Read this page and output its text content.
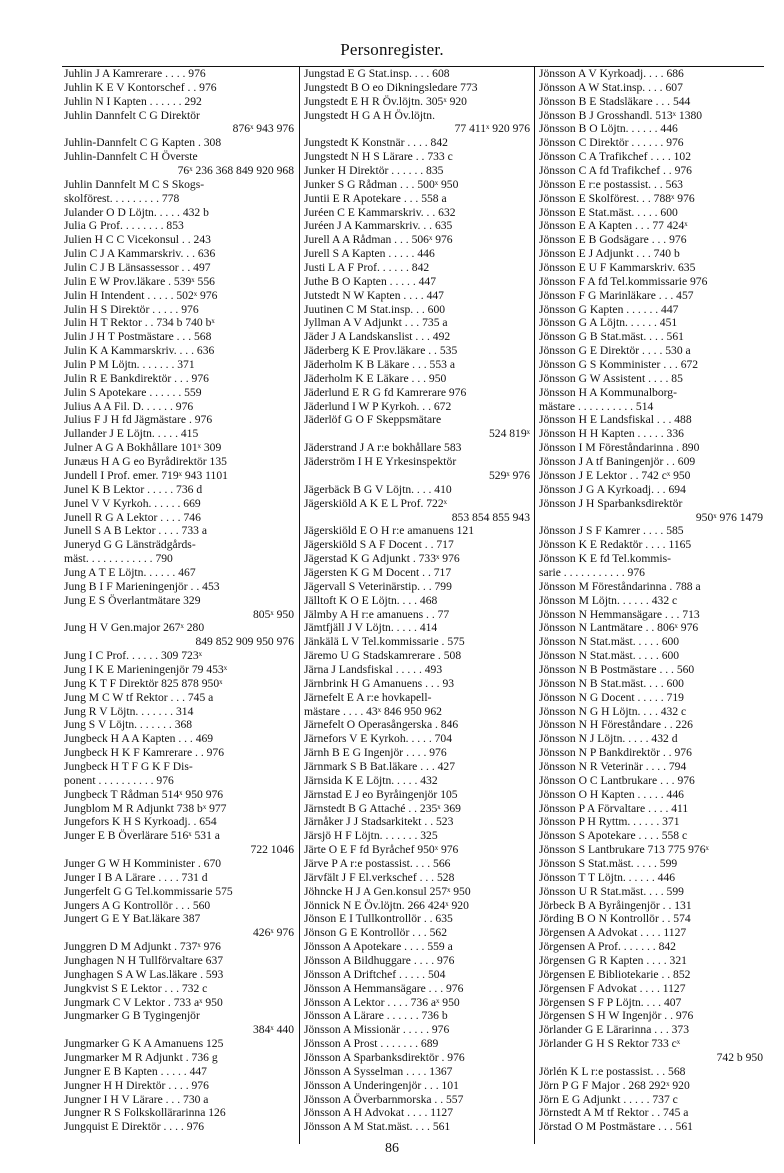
Personregister.
Juhlin J A Kamrerare . . . . 976
Juhlin K E V Kontorschef . . 976
Juhlin N I Kapten . . . . . . 292
Juhlin Dannfelt C G Direktör
876ˣ 943 976
Juhlin-Dannfelt C G Kapten . 308
Juhlin-Dannfelt C H Överste
76ˣ 236 368 849 920 968
Juhlin Dannfelt M C S Skogs-
skolförest. . . . . . . . . 778
Julander O D Löjtn. . . . . 432 b
Julia G Prof. . . . . . . . 853
Julien H C C Vicekonsul . . 243
Julin C J A Kammarskriv. . . 636
Julin C J B Länsassessor . . 497
Julin E W Prov.läkare . 539ˣ 556
Julin H Intendent . . . . . 502ˣ 976
Julin H S Direktör . . . . . 976
Julin H T Rektor . . 734 b 740 bˣ
Julin J H T Postmästare . . . 568
Julin K A Kammarskriv. . . . 636
Julin P M Löjtn. . . . . . . 371
Julin R E Bankdirektör . . . 976
Julin S Apotekare . . . . . . 559
Julius A A Fil. D. . . . . . 976
Julius F J H fd Jägmästare . 976
Jullander J E Löjtn. . . . . 415
Julner A G A Bokhållare 101ˣ 309
Junæus H A G eo Byrådirektör 135
Jundell I Prof. emer. 719ˣ 943 1101
Junel K B Lektor . . . . . 736 d
Junel V V Kyrkoh. . . . . . 669
Junell R G A Lektor . . . . 746
Junell S A B Lektor . . . . 733 a
Juneryd G G Länsträdgårds-
mäst. . . . . . . . . . . . 790
Jung A T E Löjtn. . . . . . 467
Jung B I F Marieningenjör . . 453
Jung E S Överlantmätare 329
805ˣ 950
Jung H V Gen.major 267ˣ 280
849 852 909 950 976
Jung I C Prof. . . . . . 309 723ˣ
Jung I K E Marieningenjör 79 453ˣ
Jung K T F Direktör 825 878 950ˣ
Jung M C W tf Rektor . . . 745 a
Jung R V Löjtn. . . . . . . 314
Jung S V Löjtn. . . . . . . 368
Jungbeck H A A Kapten . . . 469
Jungbeck H K F Kamrerare . . 976
Jungbeck H T F G K F Dis-
ponent . . . . . . . . . . 976
Jungbeck T Rådman 514ˣ 950 976
Jungblom M R Adjunkt 738 bˣ 977
Jungefors K H S Kyrkoadj. . 654
Junger E B Överlärare 516ˣ 531 a
722 1046
Junger G W H Komminister . 670
Junger I B A Lärare . . . . 731 d
Jungerfelt G G Tel.kommissarie 575
Jungers A G Kontrollör . . . 560
Jungert G E Y Bat.läkare 387
426ˣ 976
Junggren D M Adjunkt . 737ˣ 976
Junghagen N H Tullförvaltare 637
Junghagen S A W Las.läkare . 593
Jungkvist S E Lektor . . . 732 c
Jungmark C V Lektor . 733 aˣ 950
Jungmarker G B Tygingenjör
384ˣ 440
Jungmarker G K A Amanuens 125
Jungmarker M R Adjunkt . 736 g
Jungner E B Kapten . . . . . 447
Jungner H H Direktör . . . . 976
Jungner I H V Lärare . . . 730 a
Jungner R S Folkskollärarinna 126
Jungquist E Direktör . . . . 976
Jungstad E G Stat.insp. . . . 608
Jungstedt B O eo Dikningsledare 773
Jungstedt E H R Öv.löjtn. 305ˣ 920
Jungstedt H G A H Öv.löjtn.
77 411ˣ 920 976
Jungstedt K Konstnär . . . . 842
Jungstedt N H S Lärare . . 733 c
Junker H Direktör . . . . . . 835
Junker S G Rådman . . . 500ˣ 950
Juntii E R Apotekare . . . 558 a
Juréen C E Kammarskriv. . . 632
Juréen J A Kammarskriv. . . 635
Jurell A A Rådman . . . 506ˣ 976
Jurell S A Kapten . . . . . 446
Justi L A F Prof. . . . . . 842
Juthe B O Kapten . . . . . 447
Jutstedt N W Kapten . . . . 447
Juutinen C M Stat.insp. . . 600
Jyllman A V Adjunkt . . . 735 a
Jäder J A Landskanslist . . . 492
Jäderberg K E Prov.läkare . . 535
Jäderholm K B Läkare . . . 553 a
Jäderholm K E Läkare . . . 950
Jäderlund E R G fd Kamrerare 976
Jäderlund I W P Kyrkoh. . . 672
Jäderlöf G O F Skeppsmätare
524 819ˣ
Jäderstrand J A r:e bokhållare 583
Jäderström I H E Yrkesinspektör
529ˣ 976
Jägerbäck B G V Löjtn. . . . 410
Jägerskiöld A K E L Prof. 722ˣ
853 854 855 943
Jägerskiöld E O H r:e amanuens 121
Jägerskiöld S A F Docent . . 717
Jägerstad K G Adjunkt . 733ˣ 976
Jägersten K G M Docent . . 717
Jägervall S Veterinärstip. . . 799
Jälltoft K O E Löjtn. . . . 468
Jälmby A H r:e amanuens . . 77
Jämtfjäll J V Löjtn. . . . . 414
Jänkälä L V Tel.kommissarie . 575
Järemo U G Stadskamrerare . 508
Järna J Landsfiskal . . . . . 493
Järnbrink H G Amanuens . . . 93
Järnefelt E A r:e hovkapell-
mästare . . . . 43ˣ 846 950 962
Järnefelt O Operasångerska . 846
Järnefors V E Kyrkoh. . . . . 704
Järnh B E G Ingenjör . . . . 976
Järnmark S B Bat.läkare . . . 427
Järnsida K E Löjtn. . . . . 432
Järnstad E J eo Byråingenjör 105
Järnstedt B G Attaché . . 235ˣ 369
Järnåker J J Stadsarkitekt . . 523
Järsjö H F Löjtn. . . . . . . 325
Järte O E F fd Byråchef 950ˣ 976
Järve P A r:e postassist. . . . 566
Järvfält J F El.verkschef . . . 528
Jöhncke H J A Gen.konsul 257ˣ 950
Jönnick N E Öv.löjtn. 266 424ˣ 920
Jönson E I Tullkontrollör . . 635
Jönson G E Kontrollör . . . 562
Jönsson A Apotekare . . . . 559 a
Jönsson A Bildhuggare . . . . 976
Jönsson A Driftchef . . . . . 504
Jönsson A Hemmansägare . . . 976
Jönsson A Lektor . . . . 736 aˣ 950
Jönsson A Lärare . . . . . . 736 b
Jönsson A Missionär . . . . . 976
Jönsson A Prost . . . . . . . 689
Jönsson A Sparbanksdirektör . 976
Jönsson A Sysselman . . . . 1367
Jönsson A Underingenjör . . . 101
Jönsson A Överbarnmorska . . 557
Jönsson A H Advokat . . . . 1127
Jönsson A M Stat.mäst. . . . 561
Jönsson A V Kyrkoadj. . . . 686
Jönsson A W Stat.insp. . . . 607
Jönsson B E Stadsläkare . . . 544
Jönsson B J Grosshandl. 513ˣ 1380
Jönsson B O Löjtn. . . . . . 446
Jönsson C Direktör . . . . . . 976
Jönsson C A Trafikchef . . . . 102
Jönsson C A fd Trafikchef . . 976
Jönsson E r:e postassist. . . 563
Jönsson E Skolförest. . . 788ˣ 976
Jönsson E Stat.mäst. . . . . 600
Jönsson E A Kapten . . . 77 424ˣ
Jönsson E B Godsägare . . . 976
Jönsson E J Adjunkt . . . 740 b
Jönsson E U F Kammarskriv. 635
Jönsson F A fd Tel.kommissarie 976
Jönsson F G Marinläkare . . . 457
Jönsson G Kapten . . . . . . 447
Jönsson G A Löjtn. . . . . . 451
Jönsson G B Stat.mäst. . . . 561
Jönsson G E Direktör . . . . 530 a
Jönsson G S Komminister . . . 672
Jönsson G W Assistent . . . . 85
Jönsson H A Kommunalborg-
mästare . . . . . . . . . . 514
Jönsson H E Landsfiskal . . . 488
Jönsson H H Kapten . . . . . 336
Jönsson I M Föreståndarinna . 890
Jönsson J A tf Baningenjör . . 609
Jönsson J E Lektor . . 742 cˣ 950
Jönsson J G A Kyrkoadj. . . 694
Jönsson J H Sparbanksdirektör
950ˣ 976 1479
Jönsson J S F Kamrer . . . . 585
Jönsson K E Redaktör . . . . 1165
Jönsson K E fd Tel.kommis-
sarie . . . . . . . . . . . 976
Jönsson M Föreståndarinna . 788 a
Jönsson M Löjtn. . . . . . 432 c
Jönsson N Hemmansägare . . . 713
Jönsson N Lantmätare . . 806ˣ 976
Jönsson N Stat.mäst. . . . . 600
Jönsson N Stat.mäst. . . . . 600
Jönsson N B Postmästare . . . 560
Jönsson N B Stat.mäst. . . . 600
Jönsson N G Docent . . . . . 719
Jönsson N G H Löjtn. . . . 432 c
Jönsson N H Föreståndare . . 226
Jönsson N J Löjtn. . . . . 432 d
Jönsson N P Bankdirektör . . 976
Jönsson N R Veterinär . . . . 794
Jönsson O C Lantbrukare . . . 976
Jönsson O H Kapten . . . . . 446
Jönsson P A Förvaltare . . . . 411
Jönsson P H Ryttm. . . . . . 371
Jönsson S Apotekare . . . . 558 c
Jönsson S Lantbrukare 713 775 976ˣ
Jönsson S Stat.mäst. . . . . 599
Jönsson T T Löjtn. . . . . . 446
Jönsson U R Stat.mäst. . . . 599
Jörbeck B A Byråingenjör . . 131
Jörding B O N Kontrollör . . 574
Jörgensen A Advokat . . . . 1127
Jörgensen A Prof. . . . . . . 842
Jörgensen G R Kapten . . . . 321
Jörgensen E Bibliotekarie . . 852
Jörgensen F Advokat . . . . 1127
Jörgensen S F P Löjtn. . . . 407
Jörgensen S H W Ingenjör . . 976
Jörlander G E Lärarinna . . . 373
Jörlander G H S Rektor 733 cˣ
742 b 950
Jörlén K L r:e postassist. . . 568
Jörn P G F Major . 268 292ˣ 920
Jörn E G Adjunkt . . . . . 737 c
Jörnstedt A M tf Rektor . . 745 a
Jörstad O M Postmästare . . . 561
86
